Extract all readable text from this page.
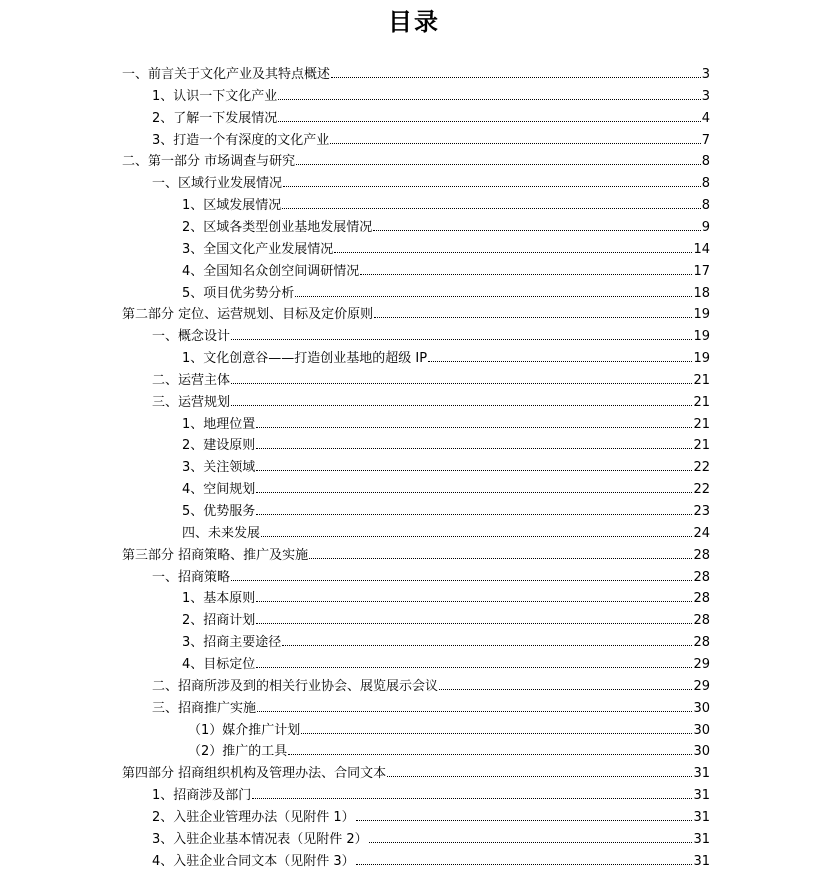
目录
一、前言关于文化产业及其特点概述	3
1、认识一下文化产业	3
2、了解一下发展情况	4
3、打造一个有深度的文化产业	7
二、第一部分 市场调查与研究	8
一、区域行业发展情况	8
1、区域发展情况	8
2、区域各类型创业基地发展情况	9
3、全国文化产业发展情况	14
4、全国知名众创空间调研情况	17
5、项目优劣势分析	18
第二部分 定位、运营规划、目标及定价原则	19
一、概念设计	19
1、文化创意谷——打造创业基地的超级 IP	19
二、运营主体	21
三、运营规划	21
1、地理位置	21
2、建设原则	21
3、关注领域	22
4、空间规划	22
5、优势服务	23
四、未来发展	24
第三部分 招商策略、推广及实施	28
一、招商策略	28
1、基本原则	28
2、招商计划	28
3、招商主要途径	28
4、目标定位	29
二、招商所涉及到的相关行业协会、展览展示会议	29
三、招商推广实施	30
（1）媒介推广计划	30
（2）推广的工具	30
第四部分 招商组织机构及管理办法、合同文本	31
1、招商涉及部门	31
2、入驻企业管理办法（见附件 1）	31
3、入驻企业基本情况表（见附件 2）	31
4、入驻企业合同文本（见附件 3）	31
